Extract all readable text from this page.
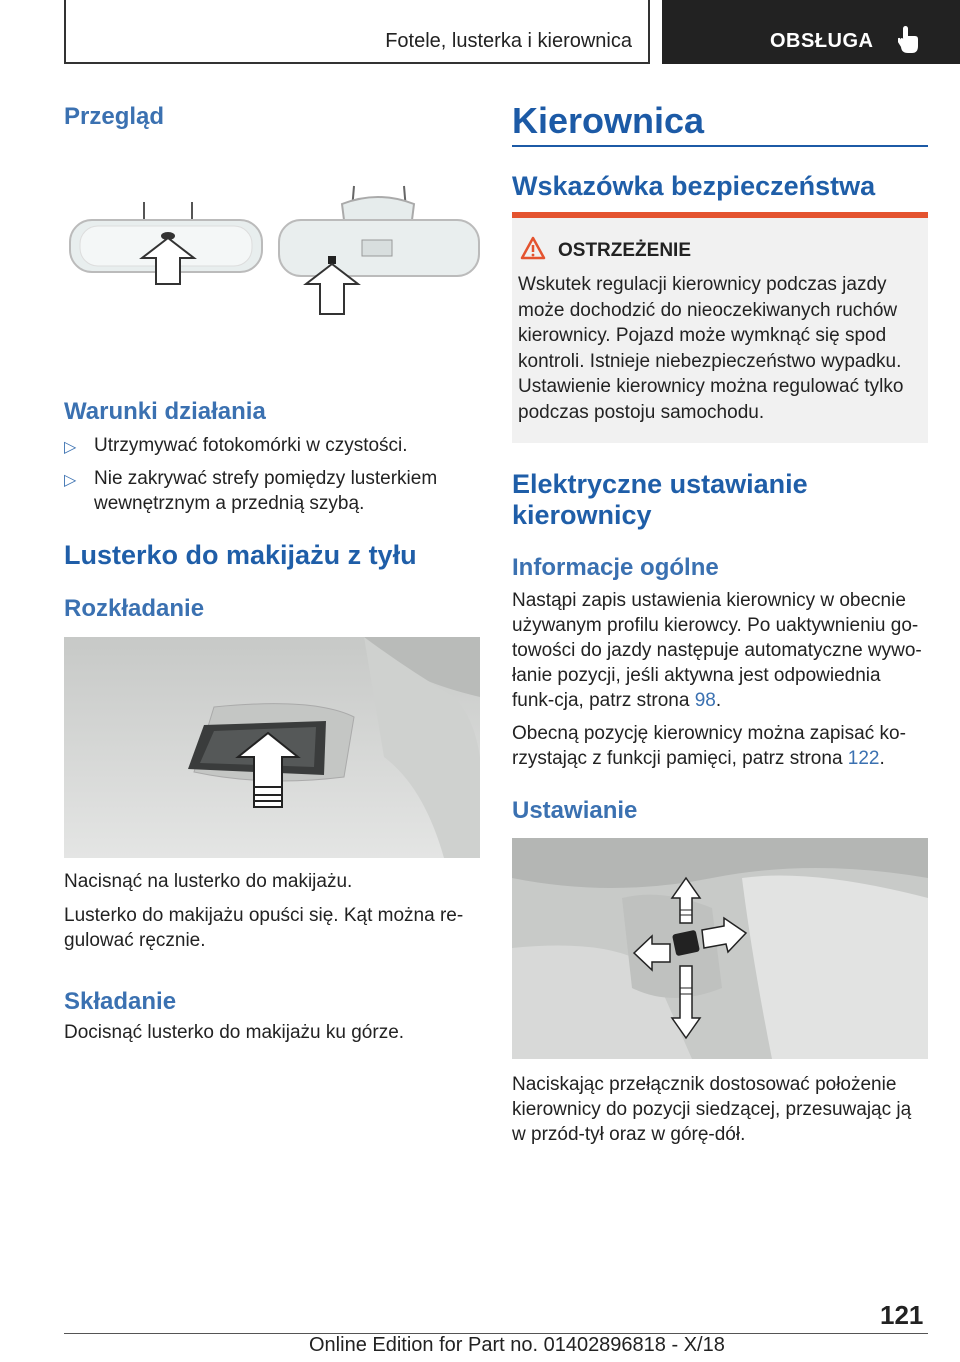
Fotele, lusterka i kierownica	OBSŁUGA
Przegląd
Warunki działania
▷ Utrzymywać fotokomórki w czystości.
▷ Nie zakrywać strefy pomiędzy lusterkiem wewnętrznym a przednią szybą.
Lusterko do makijażu z tyłu
Rozkładanie

Nacisnąć na lusterko do makijażu.

Lusterko do makijażu opuści się. Kąt można re-gulować ręcznie.

Składanie

Docisnąć lusterko do makijażu ku górze.

Kierownica
Wskazówka bezpieczeństwa
OSTRZEŻENIE

Wskutek regulacji kierownicy podczas jazdy może dochodzić do nieoczekiwanych ruchów kierownicy. Pojazd może wymknąć się spod kontroli. Istnieje niebezpieczeństwo wypadku. Ustawienie kierownicy można regulować tylko podczas postoju samochodu.

Elektryczne ustawianie kierownicy
Informacje ogólne

Nastąpi zapis ustawienia kierownicy w obecnie używanym profilu kierowcy. Po uaktywnieniu go-towości do jazdy następuje automatyczne wywo-łanie pozycji, jeśli aktywna jest odpowiednia funk-cja, patrz strona 98.

Obecną pozycję kierownicy można zapisać ko-rzystając z funkcji pamięci, patrz strona 122.

Ustawianie

Naciskając przełącznik dostosować położenie kierownicy do pozycji siedzącej, przesuwając ją w przód-tył oraz w górę-dół.

121
Online Edition for Part no. 01402896818 - X/18
